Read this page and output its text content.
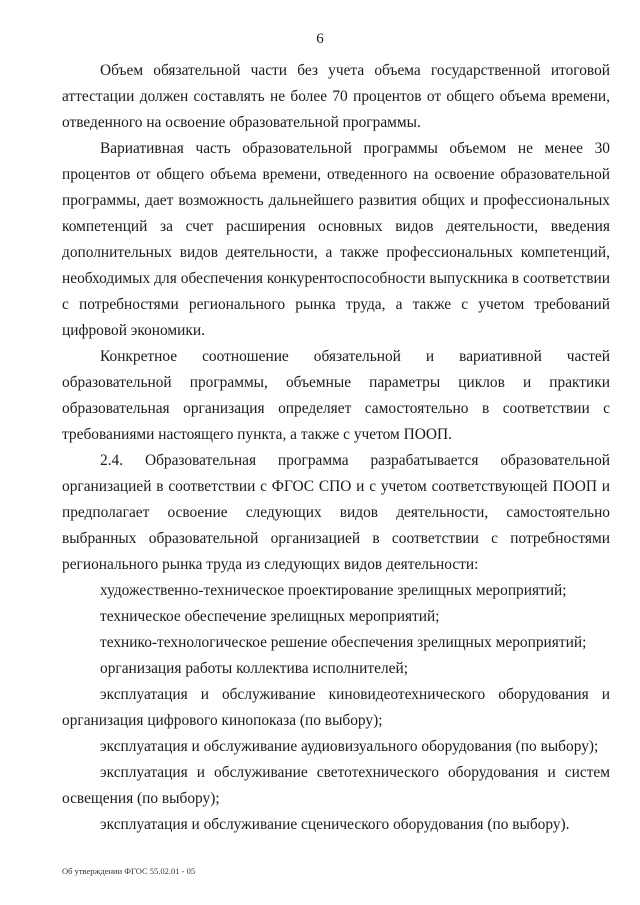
6

Объем обязательной части без учета объема государственной итоговой аттестации должен составлять не более 70 процентов от общего объема времени, отведенного на освоение образовательной программы.

Вариативная часть образовательной программы объемом не менее 30 процентов от общего объема времени, отведенного на освоение образовательной программы, дает возможность дальнейшего развития общих и профессиональных компетенций за счет расширения основных видов деятельности, введения дополнительных видов деятельности, а также профессиональных компетенций, необходимых для обеспечения конкурентоспособности выпускника в соответствии с потребностями регионального рынка труда, а также с учетом требований цифровой экономики.

Конкретное соотношение обязательной и вариативной частей образовательной программы, объемные параметры циклов и практики образовательная организация определяет самостоятельно в соответствии с требованиями настоящего пункта, а также с учетом ПООП.

2.4. Образовательная программа разрабатывается образовательной организацией в соответствии с ФГОС СПО и с учетом соответствующей ПООП и предполагает освоение следующих видов деятельности, самостоятельно выбранных образовательной организацией в соответствии с потребностями регионального рынка труда из следующих видов деятельности:

художественно-техническое проектирование зрелищных мероприятий;

техническое обеспечение зрелищных мероприятий;

технико-технологическое решение обеспечения зрелищных мероприятий;

организация работы коллектива исполнителей;

эксплуатация и обслуживание киновидеотехнического оборудования и организация цифрового кинопоказа (по выбору);

эксплуатация и обслуживание аудиовизуального оборудования (по выбору);

эксплуатация и обслуживание светотехнического оборудования и систем освещения (по выбору);

эксплуатация и обслуживание сценического оборудования (по выбору).

Об утверждении ФГОС 55.02.01 - 05
